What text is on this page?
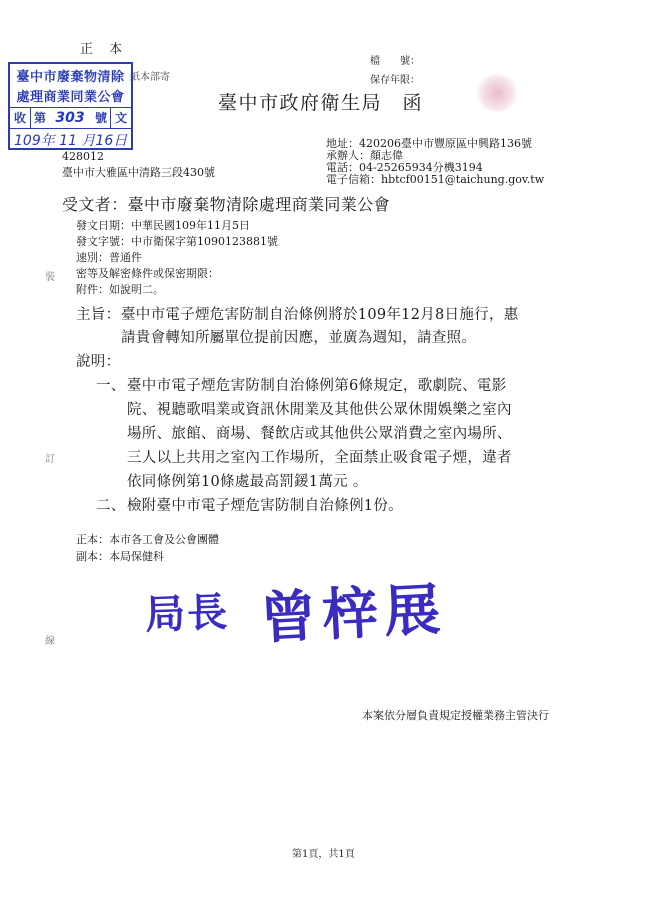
正 本
檔　　號：
保存年限：
紙本部寄
臺中市廢棄物清除
處理商業同業公會
收 第 303 號 文
109年 11 月16日
臺中市政府衛生局　函
地址：420206臺中市豐原區中興路136號
承辦人：顏志偉
電話：04-25265934分機3194
電子信箱：hbtcf00151@taichung.gov.tw
428012
臺中市大雅區中清路三段430號
受文者：臺中市廢棄物清除處理商業同業公會
發文日期：中華民國109年11月5日
發文字號：中市衛保字第1090123881號
速別：普通件
密等及解密條件或保密期限：
附件：如說明二。
裝
訂
線
主旨： 臺中市電子煙危害防制自治條例將於109年12月8日施行，惠
請貴會轉知所屬單位提前因應，並廣為週知，請查照。
說明：
一、 臺中市電子煙危害防制自治條例第6條規定，歌劇院、電影
院、視聽歌唱業或資訊休閒業及其他供公眾休閒娛樂之室內
場所、旅館、商場、餐飲店或其他供公眾消費之室內場所、
三人以上共用之室內工作場所，全面禁止吸食電子煙，違者
依同條例第10條處最高罰鍰1萬元 。
二、 檢附臺中市電子煙危害防制自治條例1份。
正本：本市各工會及公會團體
副本：本局保健科
局長 曾梓展
本案依分層負責規定授權業務主管決行
第1頁，共1頁
